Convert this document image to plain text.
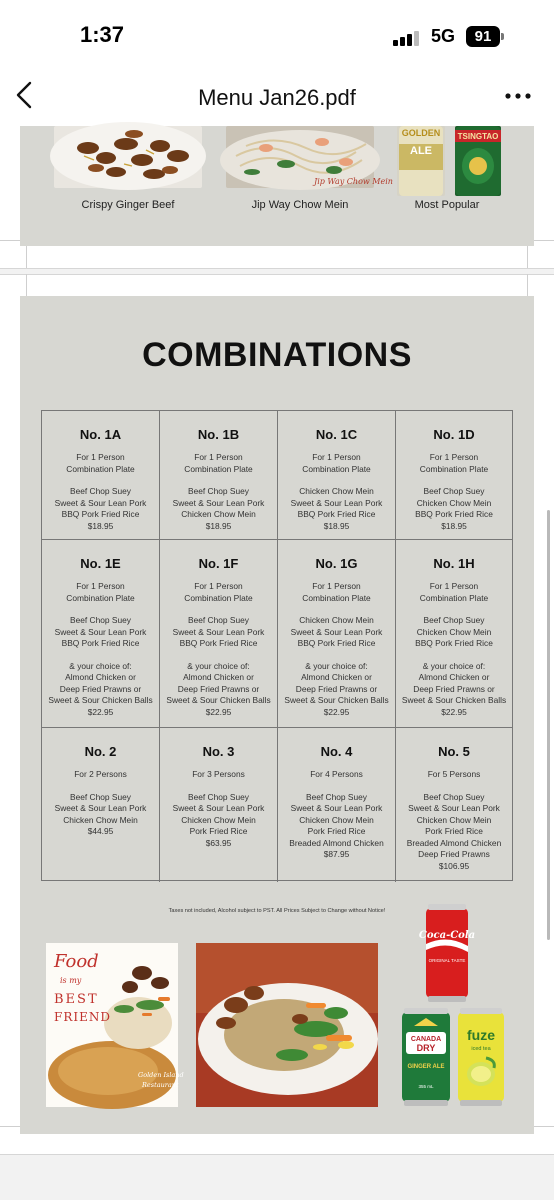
1:37	5G	91
Menu Jan26.pdf
Crispy Ginger Beef
Jip Way Chow Mein
Jip Way Chow Mein
GOLDEN
ALE
TSINGTAO
Most Popular
COMBINATIONS
No. 1A
For 1 Person
Combination Plate
Beef Chop Suey
Sweet & Sour Lean Pork
BBQ Pork Fried Rice
$18.95
No. 1B
For 1 Person
Combination Plate
Beef Chop Suey
Sweet & Sour Lean Pork
Chicken Chow Mein
$18.95
No. 1C
For 1 Person
Combination Plate
Chicken Chow Mein
Sweet & Sour Lean Pork
BBQ Pork Fried Rice
$18.95
No. 1D
For 1 Person
Combination Plate
Beef Chop Suey
Chicken Chow Mein
BBQ Pork Fried Rice
$18.95
No. 1E
For 1 Person
Combination Plate
Beef Chop Suey
Sweet & Sour Lean Pork
BBQ Pork Fried Rice
& your choice of:
Almond Chicken or
Deep Fried Prawns or
Sweet & Sour Chicken Balls
$22.95
No. 1F
For 1 Person
Combination Plate
Beef Chop Suey
Sweet & Sour Lean Pork
BBQ Pork Fried Rice
& your choice of:
Almond Chicken or
Deep Fried Prawns or
Sweet & Sour Chicken Balls
$22.95
No. 1G
For 1 Person
Combination Plate
Chicken Chow Mein
Sweet & Sour Lean Pork
BBQ Pork Fried Rice
& your choice of:
Almond Chicken or
Deep Fried Prawns or
Sweet & Sour Chicken Balls
$22.95
No. 1H
For 1 Person
Combination Plate
Beef Chop Suey
Chicken Chow Mein
BBQ Pork Fried Rice
& your choice of:
Almond Chicken or
Deep Fried Prawns or
Sweet & Sour Chicken Balls
$22.95
No. 2
For 2 Persons
Beef Chop Suey
Sweet & Sour Lean Pork
Chicken Chow Mein
$44.95
No. 3
For 3 Persons
Beef Chop Suey
Sweet & Sour Lean Pork
Chicken Chow Mein
Pork Fried Rice
$63.95
No. 4
For 4 Persons
Beef Chop Suey
Sweet & Sour Lean Pork
Chicken Chow Mein
Pork Fried Rice
Breaded Almond Chicken
$87.95
No. 5
For 5 Persons
Beef Chop Suey
Sweet & Sour Lean Pork
Chicken Chow Mein
Pork Fried Rice
Breaded Almond Chicken
Deep Fried Prawns
$106.95
Taxes not included, Alcohol subject to PST. All Prices Subject to Change without Notice!
Food
is my
BEST
FRIEND
Golden Island
Restaurant
Coca-Cola
ORIGINAL TASTE
CANADA
DRY
GINGER ALE
355 mL
fuze
iced tea
